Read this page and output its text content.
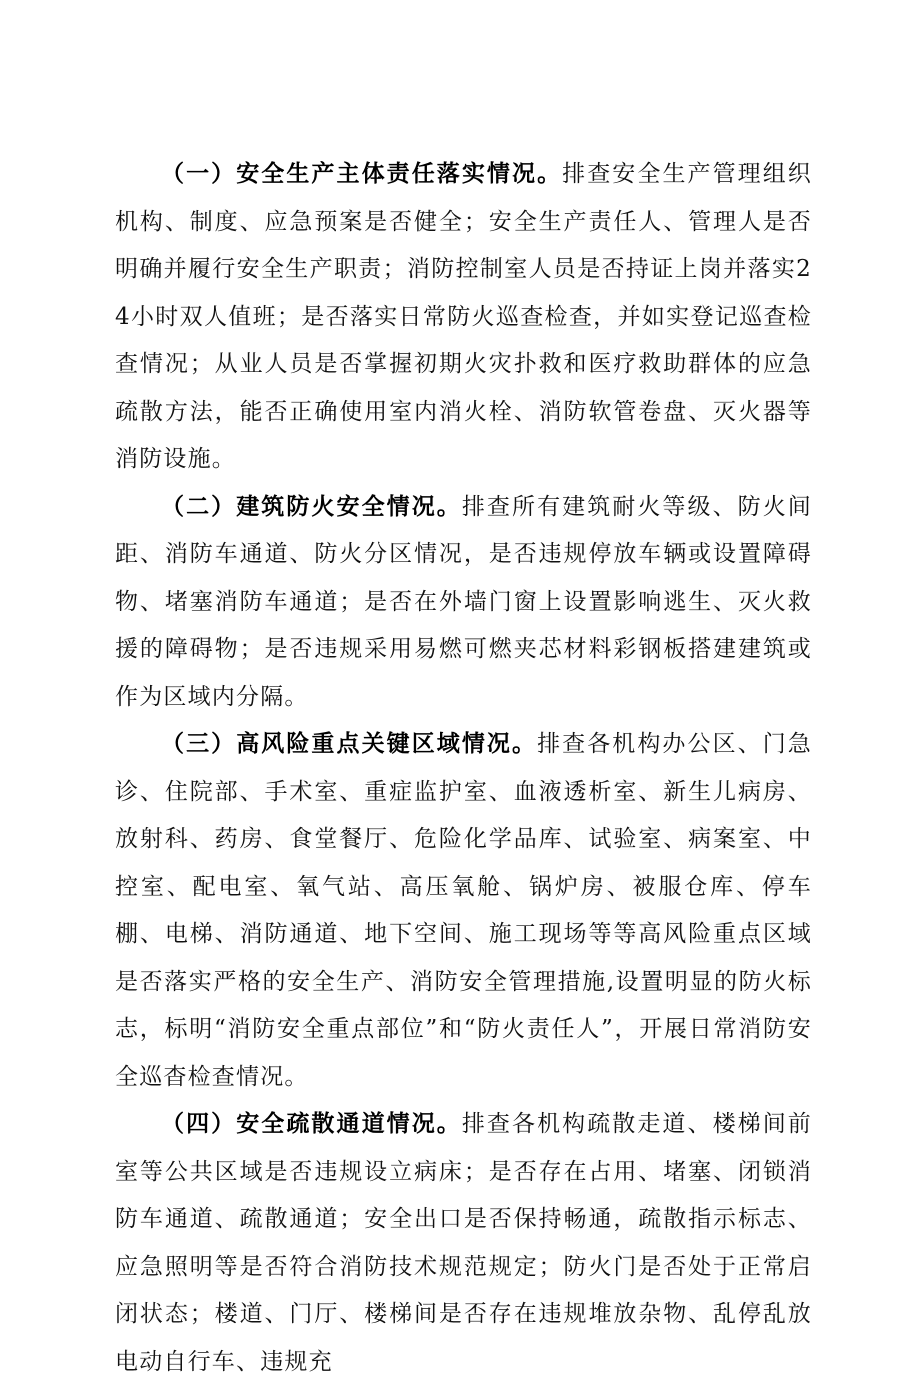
（一）安全生产主体责任落实情况。排查安全生产管理组织机构、制度、应急预案是否健全；安全生产责任人、管理人是否明确并履行安全生产职责；消防控制室人员是否持证上岗并落实24小时双人值班；是否落实日常防火巡查检查，并如实登记巡查检查情况；从业人员是否掌握初期火灾扑救和医疗救助群体的应急疏散方法，能否正确使用室内消火栓、消防软管卷盘、灭火器等消防设施。

（二）建筑防火安全情况。排查所有建筑耐火等级、防火间距、消防车通道、防火分区情况，是否违规停放车辆或设置障碍物、堵塞消防车通道；是否在外墙门窗上设置影响逃生、灭火救援的障碍物；是否违规采用易燃可燃夹芯材料彩钢板搭建建筑或作为区域内分隔。

（三）高风险重点关键区域情况。排查各机构办公区、门急诊、住院部、手术室、重症监护室、血液透析室、新生儿病房、放射科、药房、食堂餐厅、危险化学品库、试验室、病案室、中控室、配电室、氧气站、高压氧舱、锅炉房、被服仓库、停车棚、电梯、消防通道、地下空间、施工现场等等高风险重点区域是否落实严格的安全生产、消防安全管理措施,设置明显的防火标志，标明“消防安全重点部位”和“防火责任人”，开展日常消防安全巡杳检查情况。

（四）安全疏散通道情况。排查各机构疏散走道、楼梯间前室等公共区域是否违规设立病床；是否存在占用、堵塞、闭锁消防车通道、疏散通道；安全出口是否保持畅通，疏散指示标志、应急照明等是否符合消防技术规范规定；防火门是否处于正常启闭状态；楼道、门厅、楼梯间是否存在违规堆放杂物、乱停乱放电动自行车、违规充
